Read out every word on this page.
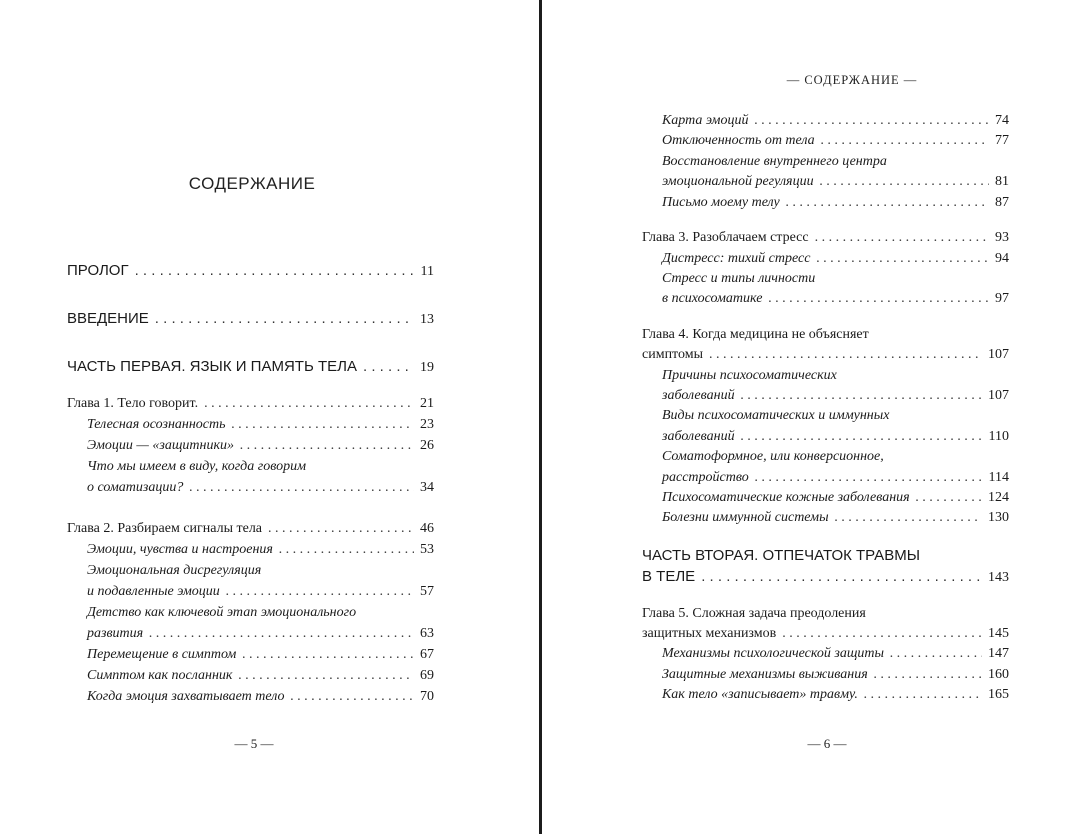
СОДЕРЖАНИЕ
ПРОЛОГ . . .	11
ВВЕДЕНИЕ . . .	13
ЧАСТЬ ПЕРВАЯ. ЯЗЫК И ПАМЯТЬ ТЕЛА . . .	19
Глава 1. Тело говорит. . . .	21
Телесная осознанность . . .	23
Эмоции — «защитники» . . .	26
Что мы имеем в виду, когда говорим
о соматизации? . . .	34
Глава 2. Разбираем сигналы тела . . .	46
Эмоции, чувства и настроения . . .	53
Эмоциональная дисрегуляция
и подавленные эмоции . . .	57
Детство как ключевой этап эмоционального
развития . . .	63
Перемещение в симптом . . .	67
Симптом как посланник . . .	69
Когда эмоция захватывает тело . . .	70
— 5 —
— СОДЕРЖАНИЕ —
Карта эмоций . . .	74
Отключенность от тела . . .	77
Восстановление внутреннего центра
эмоциональной регуляции . . .	81
Письмо моему телу . . .	87
Глава 3. Разоблачаем стресс . . .	93
Дистресс: тихий стресс . . .	94
Стресс и типы личности
в психосоматике . . .	97
Глава 4. Когда медицина не объясняет
симптомы . . .	107
Причины психосоматических
заболеваний . . .	107
Виды психосоматических и иммунных
заболеваний . . .	110
Соматоформное, или конверсионное,
расстройство . . .	114
Психосоматические кожные заболевания . . .	124
Болезни иммунной системы . . .	130
ЧАСТЬ ВТОРАЯ. ОТПЕЧАТОК ТРАВМЫ
В ТЕЛЕ . . .	143
Глава 5. Сложная задача преодоления
защитных механизмов . . .	145
Механизмы психологической защиты . . .	147
Защитные механизмы выживания . . .	160
Как тело «записывает» травму. . . .	165
— 6 —
